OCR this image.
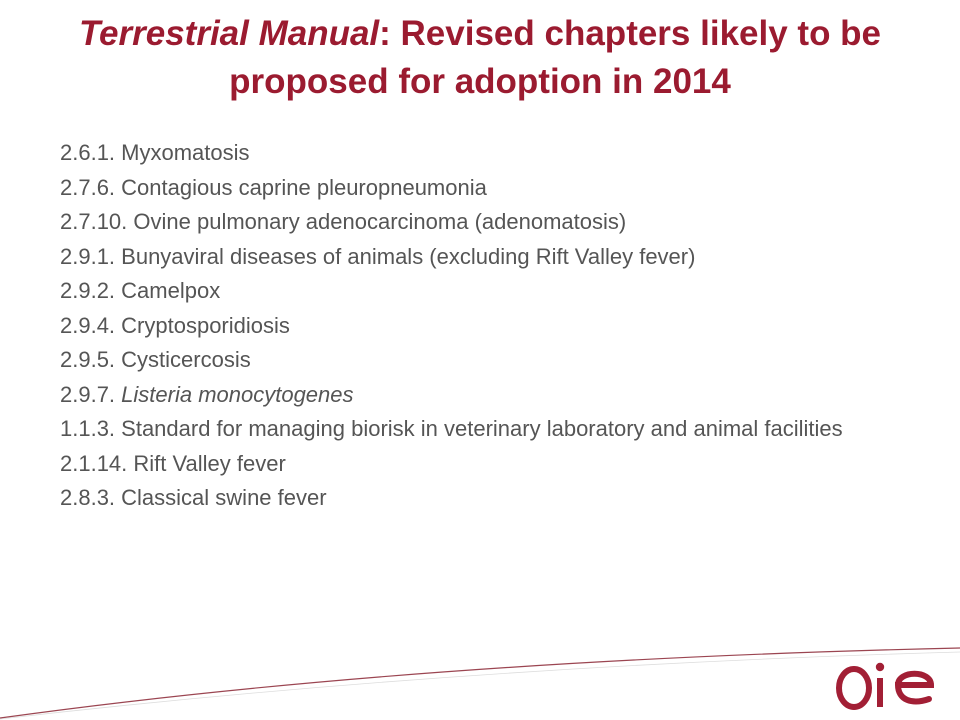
Terrestrial Manual: Revised chapters likely to be proposed for adoption in 2014
2.6.1. Myxomatosis
2.7.6. Contagious caprine pleuropneumonia
2.7.10. Ovine pulmonary adenocarcinoma (adenomatosis)
2.9.1. Bunyaviral diseases of animals (excluding Rift Valley fever)
2.9.2. Camelpox
2.9.4. Cryptosporidiosis
2.9.5. Cysticercosis
2.9.7. Listeria monocytogenes
1.1.3. Standard for managing biorisk in veterinary laboratory and animal facilities
2.1.14. Rift Valley fever
2.8.3. Classical swine fever
